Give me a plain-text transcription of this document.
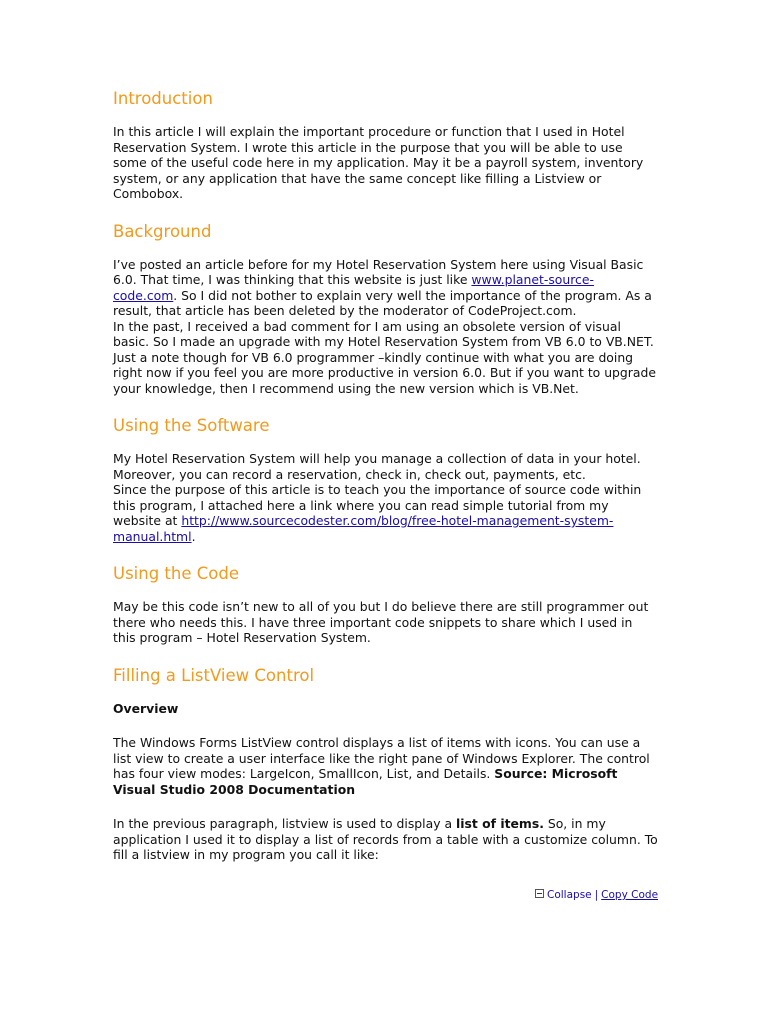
Introduction

In this article I will explain the important procedure or function that I used in Hotel Reservation System. I wrote this article in the purpose that you will be able to use some of the useful code here in my application. May it be a payroll system, inventory system, or any application that have the same concept like filling a Listview or Combobox.

Background

I’ve posted an article before for my Hotel Reservation System here using Visual Basic 6.0. That time, I was thinking that this website is just like www.planet-source-code.com. So I did not bother to explain very well the importance of the program. As a result, that article has been deleted by the moderator of CodeProject.com.

In the past, I received a bad comment for I am using an obsolete version of visual basic. So I made an upgrade with my Hotel Reservation System from VB 6.0 to VB.NET. Just a note though for VB 6.0 programmer –kindly continue with what you are doing right now if you feel you are more productive in version 6.0. But if you want to upgrade your knowledge, then I recommend using the new version which is VB.Net.

Using the Software

My Hotel Reservation System will help you manage a collection of data in your hotel. Moreover, you can record a reservation, check in, check out, payments, etc.

Since the purpose of this article is to teach you the importance of source code within this program, I attached here a link where you can read simple tutorial from my website at http://www.sourcecodester.com/blog/free-hotel-management-system-manual.html.

Using the Code

May be this code isn’t new to all of you but I do believe there are still programmer out there who needs this. I have three important code snippets to share which I used in this program – Hotel Reservation System.

Filling a ListView Control

Overview

The Windows Forms ListView control displays a list of items with icons. You can use a list view to create a user interface like the right pane of Windows Explorer. The control has four view modes: LargeIcon, SmallIcon, List, and Details. Source: Microsoft Visual Studio 2008 Documentation

In the previous paragraph, listview is used to display a list of items. So, in my application I used it to display a list of records from a table with a customize column. To fill a listview in my program you call it like:

Collapse | Copy Code
